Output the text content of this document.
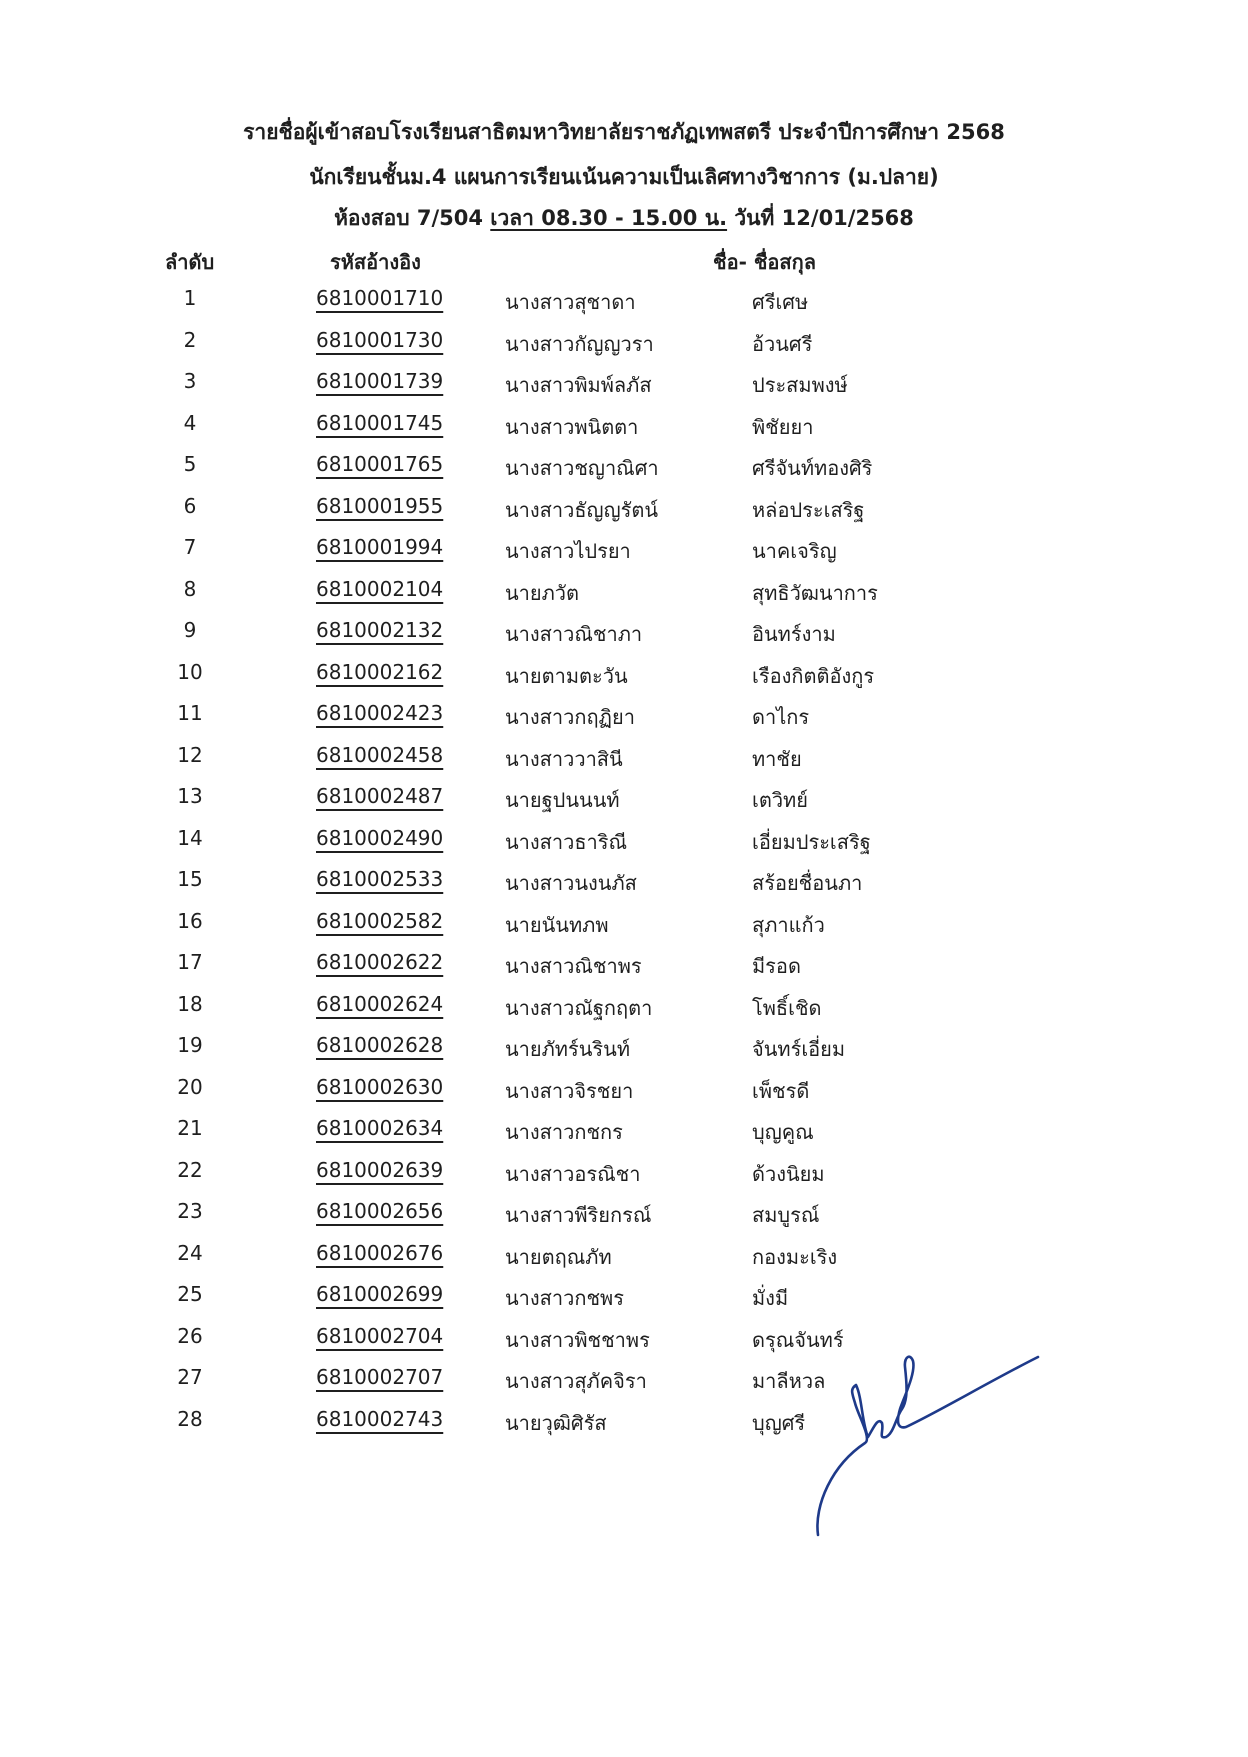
รายชื่อผู้เข้าสอบโรงเรียนสาธิตมหาวิทยาลัยราชภัฏเทพสตรี ประจำปีการศึกษา 2568
นักเรียนชั้นม.4 แผนการเรียนเน้นความเป็นเลิศทางวิชาการ (ม.ปลาย)
ห้องสอบ 7/504 เวลา 08.30 - 15.00 น. วันที่ 12/01/2568
ลำดับ	รหัสอ้างอิง	ชื่อ- ชื่อสกุล
1	6810001710	นางสาวสุชาดา	ศรีเศษ
2	6810001730	นางสาวกัญญวรา	อ้วนศรี
3	6810001739	นางสาวพิมพ์ลภัส	ประสมพงษ์
4	6810001745	นางสาวพนิตตา	พิชัยยา
5	6810001765	นางสาวชญาณิศา	ศรีจันท์ทองศิริ
6	6810001955	นางสาวธัญญรัตน์	หล่อประเสริฐ
7	6810001994	นางสาวไปรยา	นาคเจริญ
8	6810002104	นายภวัต	สุทธิวัฒนาการ
9	6810002132	นางสาวณิชาภา	อินทร์งาม
10	6810002162	นายตามตะวัน	เรืองกิตติอังกูร
11	6810002423	นางสาวกฤฏิยา	ดาไกร
12	6810002458	นางสาววาสินี	ทาชัย
13	6810002487	นายฐปนนนท์	เตวิทย์
14	6810002490	นางสาวธาริณี	เอี่ยมประเสริฐ
15	6810002533	นางสาวนงนภัส	สร้อยชื่อนภา
16	6810002582	นายนันทภพ	สุภาแก้ว
17	6810002622	นางสาวณิชาพร	มีรอด
18	6810002624	นางสาวณัฐกฤตา	โพธิ์เชิด
19	6810002628	นายภัทร์นรินท์	จันทร์เอี่ยม
20	6810002630	นางสาวจิรชยา	เพ็ชรดี
21	6810002634	นางสาวกชกร	บุญคูณ
22	6810002639	นางสาวอรณิชา	ด้วงนิยม
23	6810002656	นางสาวพีริยกรณ์	สมบูรณ์
24	6810002676	นายตฤณภัท	กองมะเริง
25	6810002699	นางสาวกชพร	มั่งมี
26	6810002704	นางสาวพิชชาพร	ดรุณจันทร์
27	6810002707	นางสาวสุภัคจิรา	มาลีหวล
28	6810002743	นายวุฒิศิรัส	บุญศรี
